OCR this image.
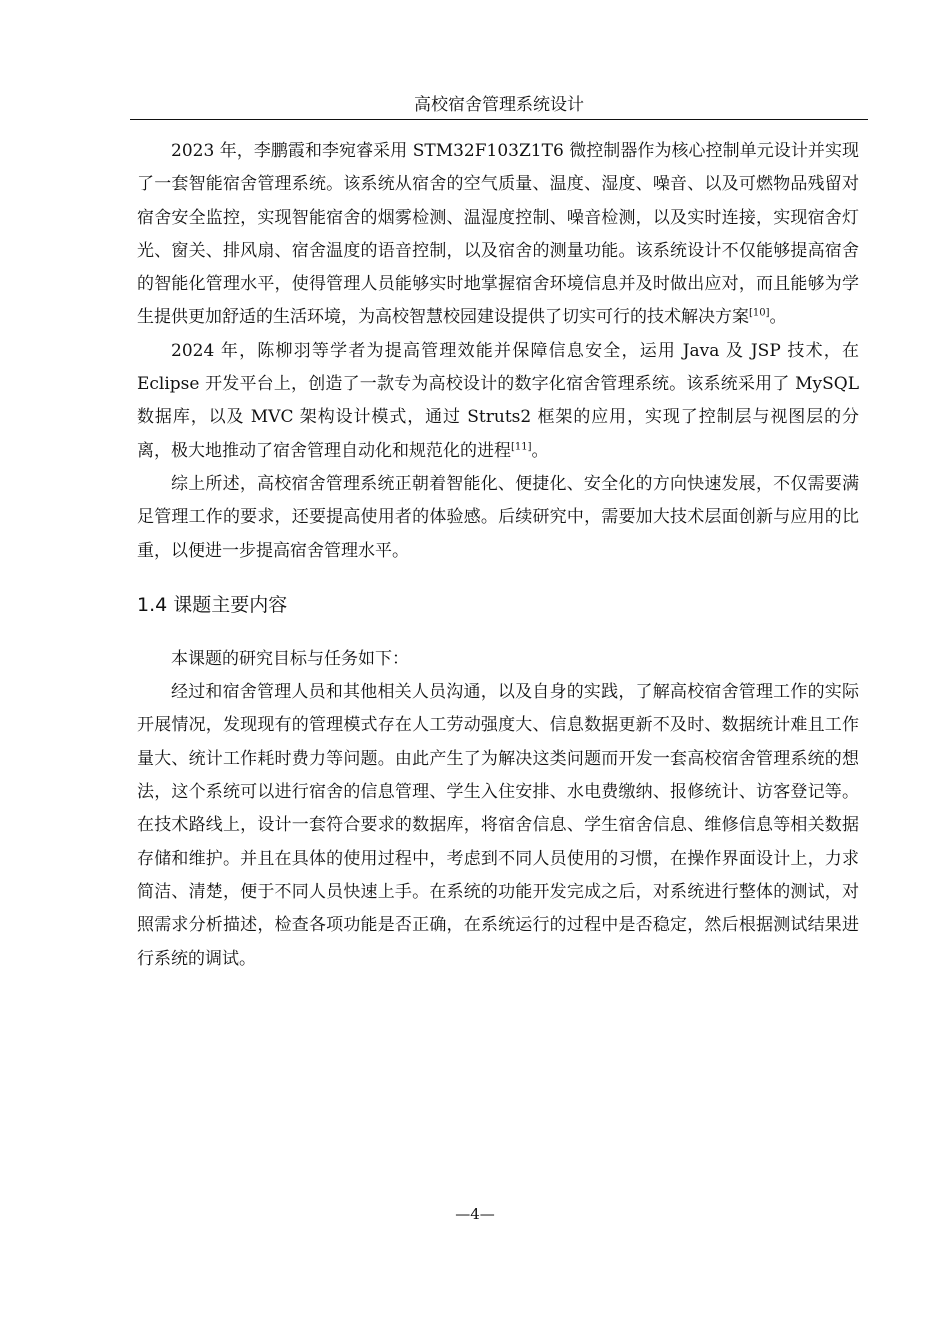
高校宿舍管理系统设计

2023 年，李鹏霞和李宛睿采用 STM32F103Z1T6 微控制器作为核心控制单元设计并实现了一套智能宿舍管理系统。该系统从宿舍的空气质量、温度、湿度、噪音、以及可燃物品残留对宿舍安全监控，实现智能宿舍的烟雾检测、温湿度控制、噪音检测，以及实时连接，实现宿舍灯光、窗关、排风扇、宿舍温度的语音控制，以及宿舍的测量功能。该系统设计不仅能够提高宿舍的智能化管理水平，使得管理人员能够实时地掌握宿舍环境信息并及时做出应对，而且能够为学生提供更加舒适的生活环境，为高校智慧校园建设提供了切实可行的技术解决方案[10]。

2024 年，陈柳羽等学者为提高管理效能并保障信息安全，运用 Java 及 JSP 技术，在 Eclipse 开发平台上，创造了一款专为高校设计的数字化宿舍管理系统。该系统采用了 MySQL 数据库，以及 MVC 架构设计模式，通过 Struts2 框架的应用，实现了控制层与视图层的分离，极大地推动了宿舍管理自动化和规范化的进程[11]。

综上所述，高校宿舍管理系统正朝着智能化、便捷化、安全化的方向快速发展，不仅需要满足管理工作的要求，还要提高使用者的体验感。后续研究中，需要加大技术层面创新与应用的比重，以便进一步提高宿舍管理水平。

1.4 课题主要内容

本课题的研究目标与任务如下：

经过和宿舍管理人员和其他相关人员沟通，以及自身的实践，了解高校宿舍管理工作的实际开展情况，发现现有的管理模式存在人工劳动强度大、信息数据更新不及时、数据统计难且工作量大、统计工作耗时费力等问题。由此产生了为解决这类问题而开发一套高校宿舍管理系统的想法，这个系统可以进行宿舍的信息管理、学生入住安排、水电费缴纳、报修统计、访客登记等。在技术路线上，设计一套符合要求的数据库，将宿舍信息、学生宿舍信息、维修信息等相关数据存储和维护。并且在具体的使用过程中，考虑到不同人员使用的习惯，在操作界面设计上，力求简洁、清楚，便于不同人员快速上手。在系统的功能开发完成之后，对系统进行整体的测试，对照需求分析描述，检查各项功能是否正确，在系统运行的过程中是否稳定，然后根据测试结果进行系统的调试。

—4—
